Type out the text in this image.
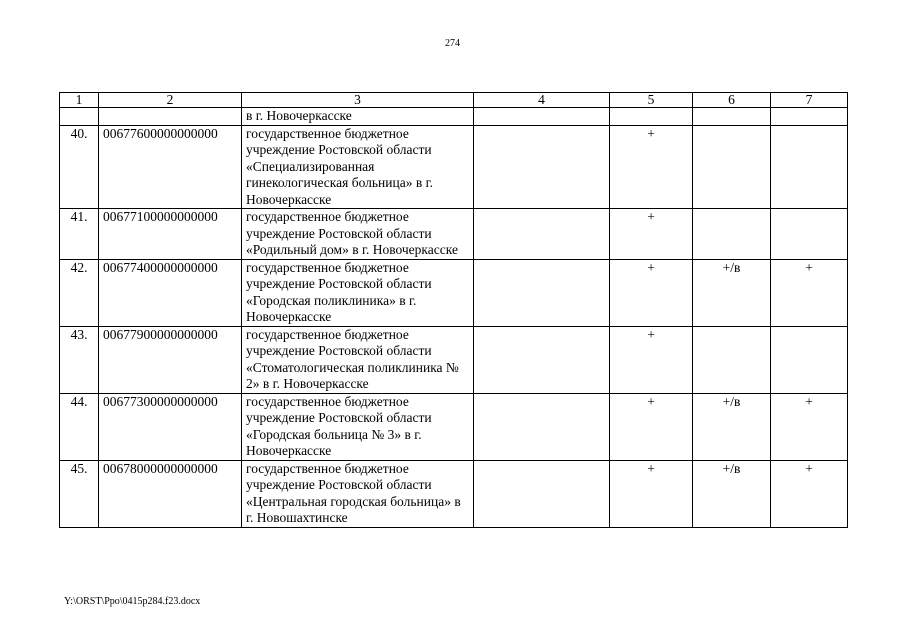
274
1	2	3	4	5	6	7
		в г. Новочеркасске				
40.	00677600000000000	государственное бюджетное учреждение Ростовской области «Специализированная гинекологическая больница» в г. Новочеркасске		+		
41.	00677100000000000	государственное бюджетное учреждение Ростовской области «Родильный дом» в г. Новочеркасске		+		
42.	00677400000000000	государственное бюджетное учреждение Ростовской области «Городская поликлиника» в г. Новочеркасске		+	+/в	+
43.	00677900000000000	государственное бюджетное учреждение Ростовской области «Стоматологическая поликлиника № 2» в г. Новочеркасске		+		
44.	00677300000000000	государственное бюджетное учреждение Ростовской области «Городская больница № 3» в г. Новочеркасске		+	+/в	+
45.	00678000000000000	государственное бюджетное учреждение Ростовской области «Центральная городская больница» в г. Новошахтинске		+	+/в	+
Y:\ORST\Ppo\0415p284.f23.docx
